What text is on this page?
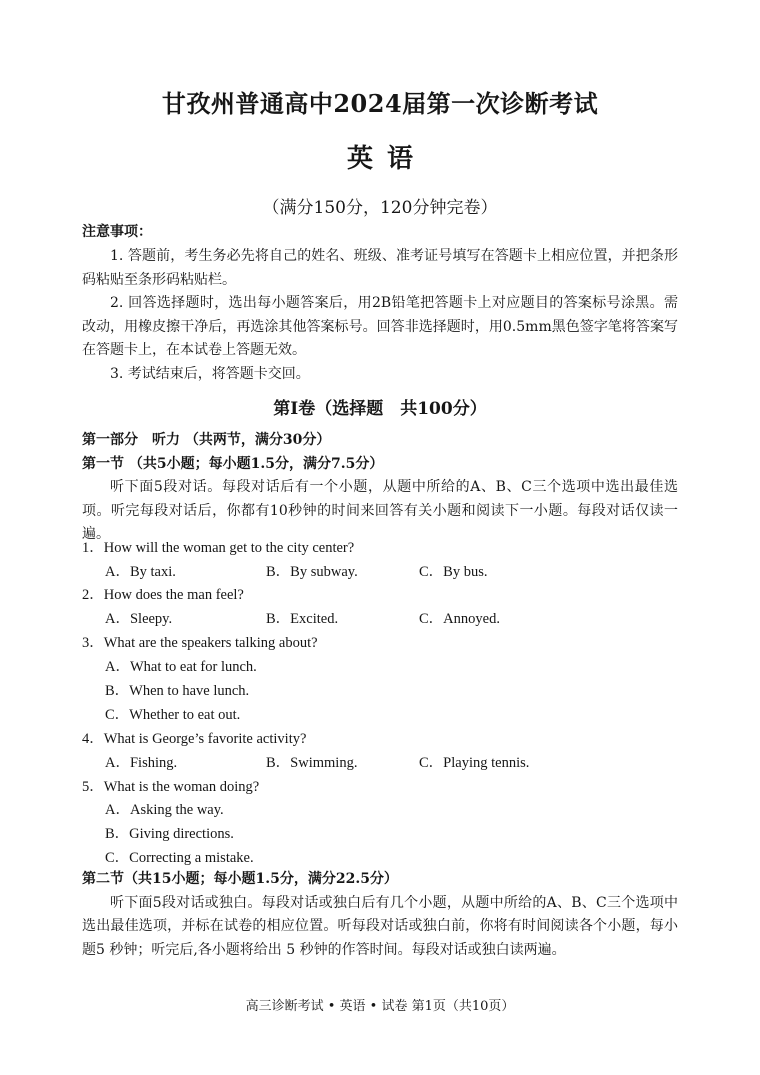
甘孜州普通高中2024届第一次诊断考试
英语
（满分150分，120分钟完卷）
注意事项：

1. 答题前，考生务必先将自己的姓名、班级、准考证号填写在答题卡上相应位置，并把条形码粘贴至条形码粘贴栏。

2. 回答选择题时，选出每小题答案后，用2B铅笔把答题卡上对应题目的答案标号涂黑。需改动，用橡皮擦干净后，再选涂其他答案标号。回答非选择题时，用0.5mm黑色签字笔将答案写在答题卡上，在本试卷上答题无效。

3. 考试结束后，将答题卡交回。

第Ⅰ卷（选择题　共100分）
第一部分　听力 （共两节，满分30分）
第一节 （共5小题；每小题1.5分，满分7.5分）

听下面5段对话。每段对话后有一个小题，从题中所给的A、B、C三个选项中选出最佳选项。听完每段对话后，你都有10秒钟的时间来回答有关小题和阅读下一小题。每段对话仅读一遍。

1．How will the woman get to the city center?
A．By taxi.	B．By subway.	C．By bus.
2．How does the man feel?
A．Sleepy.	B．Excited.	C．Annoyed.
3．What are the speakers talking about?
A．What to eat for lunch.
B．When to have lunch.
C．Whether to eat out.
4．What is George’s favorite activity?
A．Fishing.	B．Swimming.	C．Playing tennis.
5．What is the woman doing?
A．Asking the way.
B．Giving directions.
C．Correcting a mistake.
第二节（共15小题；每小题1.5分，满分22.5分）

听下面5段对话或独白。每段对话或独白后有几个小题，从题中所给的A、B、C三个选项中选出最佳选项，并标在试卷的相应位置。听每段对话或独白前，你将有时间阅读各个小题，每小题5 秒钟；听完后,各小题将给出 5 秒钟的作答时间。每段对话或独白读两遍。

高三诊断考试 • 英语 • 试卷 第1页（共10页）
